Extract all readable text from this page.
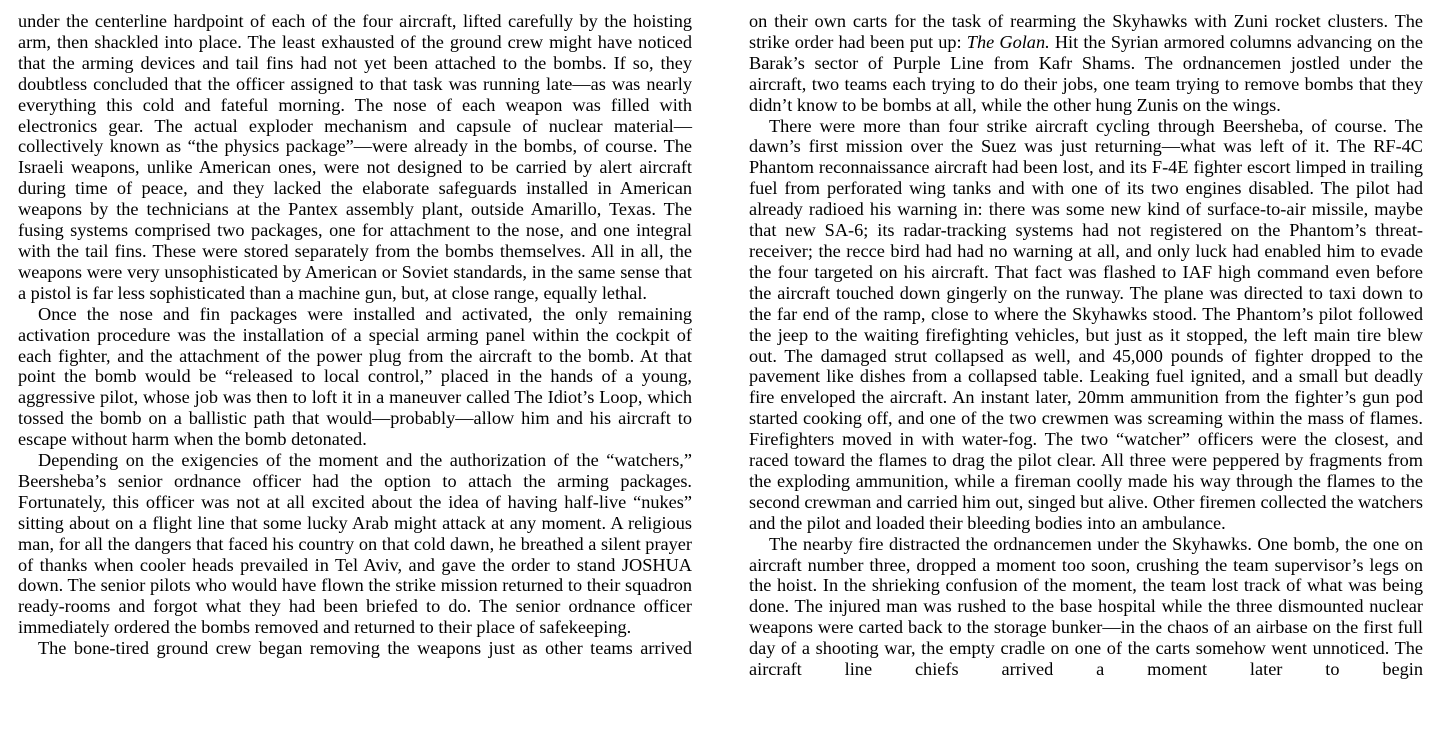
under the centerline hardpoint of each of the four aircraft, lifted carefully by the hoisting arm, then shackled into place. The least exhausted of the ground crew might have noticed that the arming devices and tail fins had not yet been attached to the bombs. If so, they doubtless concluded that the officer assigned to that task was running late—as was nearly everything this cold and fateful morning. The nose of each weapon was filled with electronics gear. The actual exploder mechanism and capsule of nuclear material—collectively known as “the physics package”—were already in the bombs, of course. The Israeli weapons, unlike American ones, were not designed to be carried by alert aircraft during time of peace, and they lacked the elaborate safeguards installed in American weapons by the technicians at the Pantex assembly plant, outside Amarillo, Texas. The fusing systems comprised two packages, one for attachment to the nose, and one integral with the tail fins. These were stored separately from the bombs themselves. All in all, the weapons were very unsophisticated by American or Soviet standards, in the same sense that a pistol is far less sophisticated than a machine gun, but, at close range, equally lethal.

Once the nose and fin packages were installed and activated, the only remaining activation procedure was the installation of a special arming panel within the cockpit of each fighter, and the attachment of the power plug from the aircraft to the bomb. At that point the bomb would be “released to local control,” placed in the hands of a young, aggressive pilot, whose job was then to loft it in a maneuver called The Idiot’s Loop, which tossed the bomb on a ballistic path that would—probably—allow him and his aircraft to escape without harm when the bomb detonated.

Depending on the exigencies of the moment and the authorization of the “watchers,” Beersheba’s senior ordnance officer had the option to attach the arming packages. Fortunately, this officer was not at all excited about the idea of having half-live “nukes” sitting about on a flight line that some lucky Arab might attack at any moment. A religious man, for all the dangers that faced his country on that cold dawn, he breathed a silent prayer of thanks when cooler heads prevailed in Tel Aviv, and gave the order to stand JOSHUA down. The senior pilots who would have flown the strike mission returned to their squadron ready-rooms and forgot what they had been briefed to do. The senior ordnance officer immediately ordered the bombs removed and returned to their place of safekeeping.

The bone-tired ground crew began removing the weapons just as other teams arrived

on their own carts for the task of rearming the Skyhawks with Zuni rocket clusters. The strike order had been put up: The Golan. Hit the Syrian armored columns advancing on the Barak’s sector of Purple Line from Kafr Shams. The ordnancemen jostled under the aircraft, two teams each trying to do their jobs, one team trying to remove bombs that they didn’t know to be bombs at all, while the other hung Zunis on the wings.

There were more than four strike aircraft cycling through Beersheba, of course. The dawn’s first mission over the Suez was just returning—what was left of it. The RF-4C Phantom reconnaissance aircraft had been lost, and its F-4E fighter escort limped in trailing fuel from perforated wing tanks and with one of its two engines disabled. The pilot had already radioed his warning in: there was some new kind of surface-to-air missile, maybe that new SA-6; its radar-tracking systems had not registered on the Phantom’s threat-receiver; the recce bird had had no warning at all, and only luck had enabled him to evade the four targeted on his aircraft. That fact was flashed to IAF high command even before the aircraft touched down gingerly on the runway. The plane was directed to taxi down to the far end of the ramp, close to where the Skyhawks stood. The Phantom’s pilot followed the jeep to the waiting firefighting vehicles, but just as it stopped, the left main tire blew out. The damaged strut collapsed as well, and 45,000 pounds of fighter dropped to the pavement like dishes from a collapsed table. Leaking fuel ignited, and a small but deadly fire enveloped the aircraft. An instant later, 20mm ammunition from the fighter’s gun pod started cooking off, and one of the two crewmen was screaming within the mass of flames. Firefighters moved in with water-fog. The two “watcher” officers were the closest, and raced toward the flames to drag the pilot clear. All three were peppered by fragments from the exploding ammunition, while a fireman coolly made his way through the flames to the second crewman and carried him out, singed but alive. Other firemen collected the watchers and the pilot and loaded their bleeding bodies into an ambulance.

The nearby fire distracted the ordnancemen under the Skyhawks. One bomb, the one on aircraft number three, dropped a moment too soon, crushing the team supervisor’s legs on the hoist. In the shrieking confusion of the moment, the team lost track of what was being done. The injured man was rushed to the base hospital while the three dismounted nuclear weapons were carted back to the storage bunker—in the chaos of an airbase on the first full day of a shooting war, the empty cradle on one of the carts somehow went unnoticed. The aircraft line chiefs arrived a moment later to begin
